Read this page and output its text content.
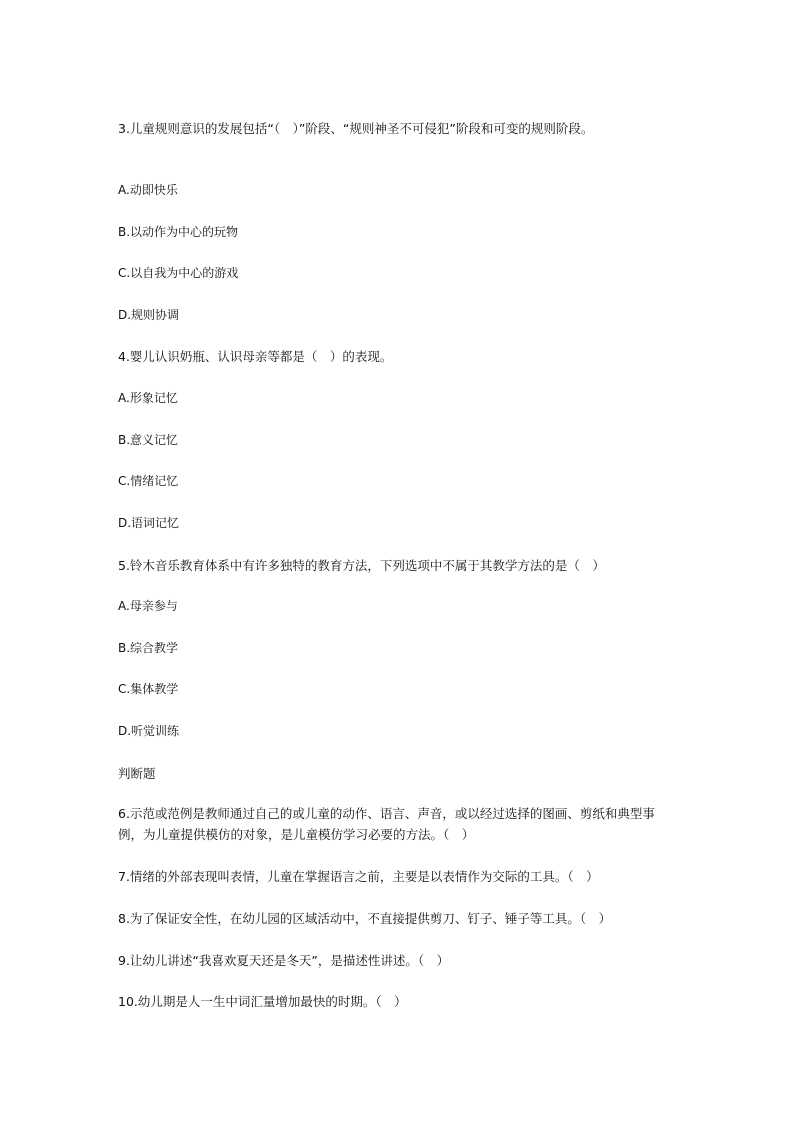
3.儿童规则意识的发展包括“（　）”阶段、“规则神圣不可侵犯”阶段和可变的规则阶段。
A.动即快乐
B.以动作为中心的玩物
C.以自我为中心的游戏
D.规则协调
4.婴儿认识奶瓶、认识母亲等都是（　）的表现。
A.形象记忆
B.意义记忆
C.情绪记忆
D.语词记忆
5.铃木音乐教育体系中有许多独特的教育方法，下列选项中不属于其教学方法的是（　）
A.母亲参与
B.综合教学
C.集体教学
D.听觉训练
判断题
6.示范或范例是教师通过自己的或儿童的动作、语言、声音，或以经过选择的图画、剪纸和典型事例，为儿童提供模仿的对象，是儿童模仿学习必要的方法。（　）
7.情绪的外部表现叫表情，儿童在掌握语言之前，主要是以表情作为交际的工具。（　）
8.为了保证安全性，在幼儿园的区域活动中，不直接提供剪刀、钉子、锤子等工具。（　）
9.让幼儿讲述“我喜欢夏天还是冬天”，是描述性讲述。（　）
10.幼儿期是人一生中词汇量增加最快的时期。（　）
